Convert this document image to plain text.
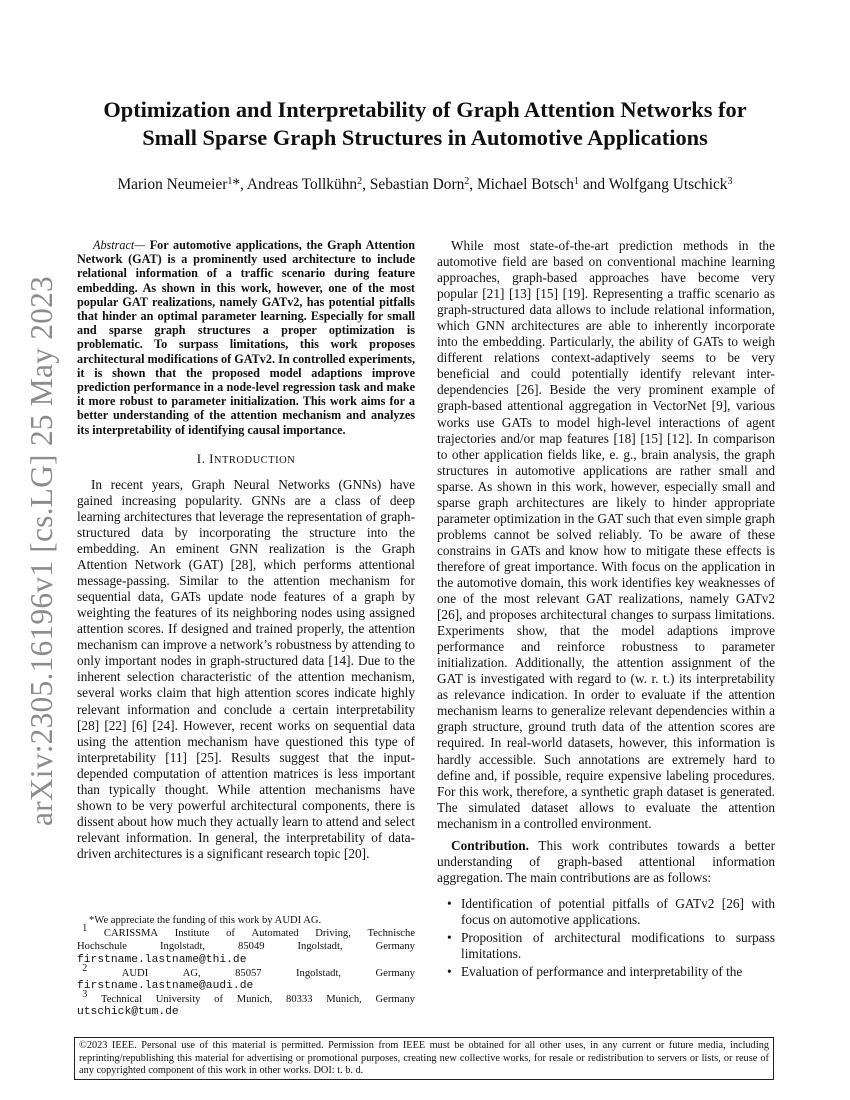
arXiv:2305.16196v1 [cs.LG] 25 May 2023
Optimization and Interpretability of Graph Attention Networks for
Small Sparse Graph Structures in Automotive Applications

Marion Neumeier$^1$*, Andreas Tollkühn$^2$, Sebastian Dorn$^2$, Michael Botsch$^1$ and Wolfgang Utschick$^3$

Abstract— For automotive applications, the Graph Attention Network (GAT) is a prominently used architecture to include relational information of a traffic scenario during feature embedding. As shown in this work, however, one of the most popular GAT realizations, namely GATv2, has potential pitfalls that hinder an optimal parameter learning. Especially for small and sparse graph structures a proper optimization is problematic. To surpass limitations, this work proposes architectural modifications of GATv2. In controlled experiments, it is shown that the proposed model adaptions improve prediction performance in a node-level regression task and make it more robust to parameter initialization. This work aims for a better understanding of the attention mechanism and analyzes its interpretability of identifying causal importance.

I. INTRODUCTION

In recent years, Graph Neural Networks (GNNs) have gained increasing popularity. GNNs are a class of deep learning architectures that leverage the representation of graph-structured data by incorporating the structure into the embedding. An eminent GNN realization is the Graph Attention Network (GAT) [28], which performs attentional message-passing. Similar to the attention mechanism for sequential data, GATs update node features of a graph by weighting the features of its neighboring nodes using assigned attention scores. If designed and trained properly, the attention mechanism can improve a network’s robustness by attending to only important nodes in graph-structured data [14]. Due to the inherent selection characteristic of the attention mechanism, several works claim that high attention scores indicate highly relevant information and conclude a certain interpretability [28] [22] [6] [24]. However, recent works on sequential data using the attention mechanism have questioned this type of interpretability [11] [25]. Results suggest that the input-depended computation of attention matrices is less important than typically thought. While attention mechanisms have shown to be very powerful architectural components, there is dissent about how much they actually learn to attend and select relevant information. In general, the interpretability of data-driven architectures is a significant research topic [20].

*We appreciate the funding of this work by AUDI AG.

$^1$ CARISSMA Institute of Automated Driving, Technische
Hochschule	Ingolstadt,	85049	Ingolstadt,	Germany

firstname.lastname@thi.de

$^2$	AUDI	AG,	85057	Ingolstadt,	Germany

firstname.lastname@audi.de

$^3$ Technical University of Munich, 80333 Munich, Germany

utschick@tum.de

While most state-of-the-art prediction methods in the automotive field are based on conventional machine learning approaches, graph-based approaches have become very popular [21] [13] [15] [19]. Representing a traffic scenario as graph-structured data allows to include relational information, which GNN architectures are able to inherently incorporate into the embedding. Particularly, the ability of GATs to weigh different relations context-adaptively seems to be very beneficial and could potentially identify relevant inter-dependencies [26]. Beside the very prominent example of graph-based attentional aggregation in VectorNet [9], various works use GATs to model high-level interactions of agent trajectories and/or map features [18] [15] [12]. In comparison to other application fields like, e. g., brain analysis, the graph structures in automotive applications are rather small and sparse. As shown in this work, however, especially small and sparse graph architectures are likely to hinder appropriate parameter optimization in the GAT such that even simple graph problems cannot be solved reliably. To be aware of these constrains in GATs and know how to mitigate these effects is therefore of great importance. With focus on the application in the automotive domain, this work identifies key weaknesses of one of the most relevant GAT realizations, namely GATv2 [26], and proposes architectural changes to surpass limitations. Experiments show, that the model adaptions improve performance and reinforce robustness to parameter initialization. Additionally, the attention assignment of the GAT is investigated with regard to (w. r. t.) its interpretability as relevance indication. In order to evaluate if the attention mechanism learns to generalize relevant dependencies within a graph structure, ground truth data of the attention scores are required. In real-world datasets, however, this information is hardly accessible. Such annotations are extremely hard to define and, if possible, require expensive labeling procedures. For this work, therefore, a synthetic graph dataset is generated. The simulated dataset allows to evaluate the attention mechanism in a controlled environment.

Contribution. This work contributes towards a better understanding of graph-based attentional information aggregation. The main contributions are as follows:

• Identification of potential pitfalls of GATv2 [26] with focus on automotive applications.
• Proposition of architectural modifications to surpass limitations.
• Evaluation of performance and interpretability of the
©2023 IEEE. Personal use of this material is permitted. Permission from IEEE must be obtained for all other uses, in any current or future media, including reprinting/republishing this material for advertising or promotional purposes, creating new collective works, for resale or redistribution to servers or lists, or reuse of any copyrighted component of this work in other works. DOI: t. b. d.
